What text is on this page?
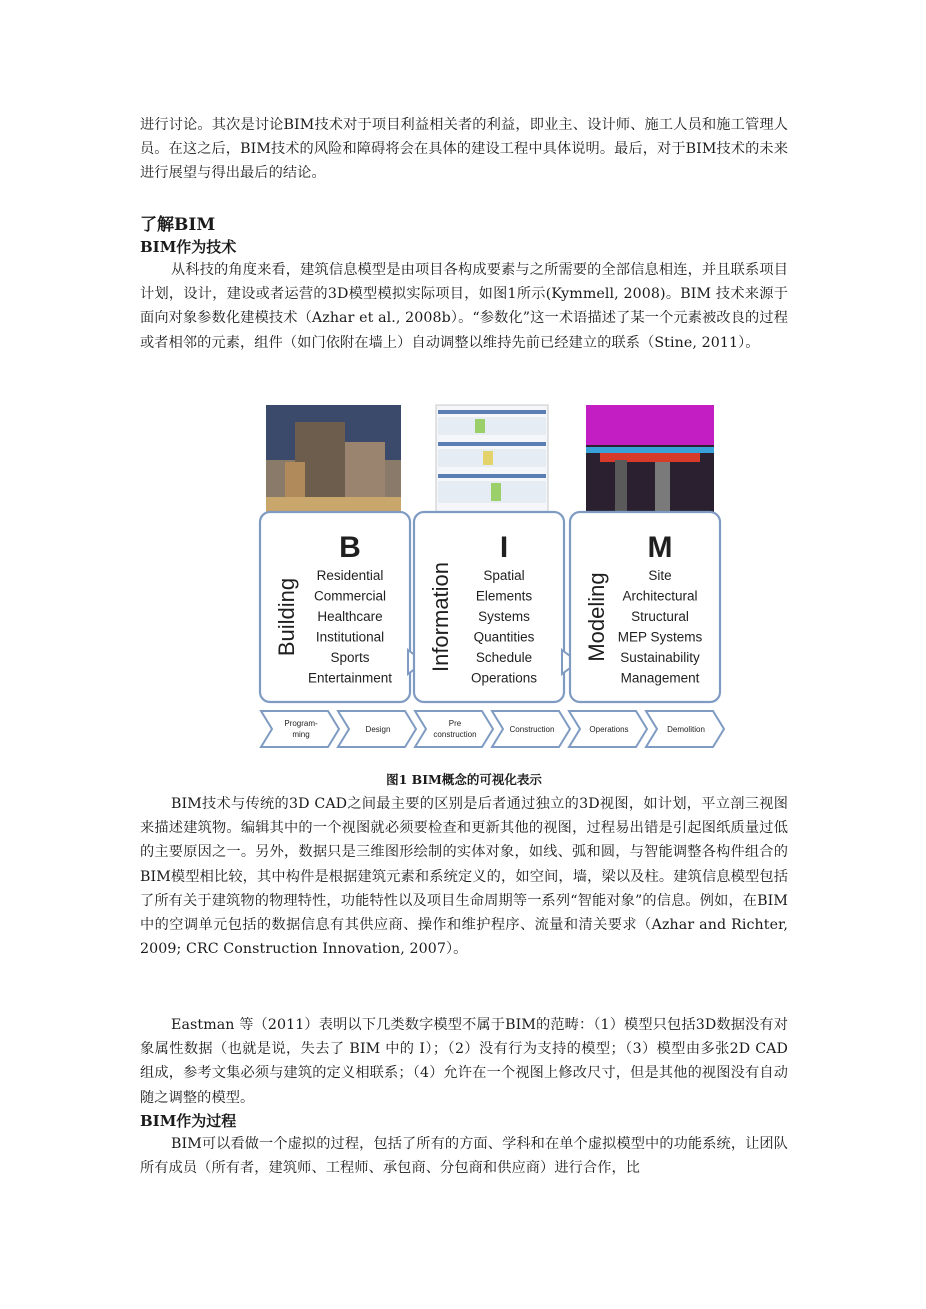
进行讨论。其次是讨论BIM技术对于项目利益相关者的利益，即业主、设计师、施工人员和施工管理人员。在这之后，BIM技术的风险和障碍将会在具体的建设工程中具体说明。最后，对于BIM技术的未来进行展望与得出最后的结论。

了解BIM
BIM作为技术

从科技的角度来看，建筑信息模型是由项目各构成要素与之所需要的全部信息相连，并且联系项目计划，设计，建设或者运营的3D模型模拟实际项目，如图1所示(Kymmell, 2008)。BIM 技术来源于面向对象参数化建模技术（Azhar et al., 2008b）。“参数化”这一术语描述了某一个元素被改良的过程或者相邻的元素，组件（如门依附在墙上）自动调整以维持先前已经建立的联系（Stine, 2011）。

Building
B
Residential
Commercial
Healthcare
Institutional
Sports
Entertainment
Information
I
Spatial
Elements
Systems
Quantities
Schedule
Operations
Modeling
M
Site
Architectural
Structural
MEP Systems
Sustainability
Management
Program-
ming
Design
Pre
construction
Construction	Operations	Demolition

图1 BIM概念的可视化表示

BIM技术与传统的3D CAD之间最主要的区别是后者通过独立的3D视图，如计划，平立剖三视图来描述建筑物。编辑其中的一个视图就必须要检查和更新其他的视图，过程易出错是引起图纸质量过低的主要原因之一。另外，数据只是三维图形绘制的实体对象，如线、弧和圆，与智能调整各构件组合的BIM模型相比较，其中构件是根据建筑元素和系统定义的，如空间，墙，梁以及柱。建筑信息模型包括了所有关于建筑物的物理特性，功能特性以及项目生命周期等一系列“智能对象”的信息。例如，在BIM中的空调单元包括的数据信息有其供应商、操作和维护程序、流量和清关要求（Azhar and Richter, 2009; CRC Construction Innovation, 2007）。

Eastman 等（2011）表明以下几类数字模型不属于BIM的范畴：（1）模型只包括3D数据没有对象属性数据（也就是说，失去了 BIM 中的 I）；（2）没有行为支持的模型；（3）模型由多张2D CAD组成，参考文集必须与建筑的定义相联系；（4）允许在一个视图上修改尺寸，但是其他的视图没有自动随之调整的模型。

BIM作为过程

BIM可以看做一个虚拟的过程，包括了所有的方面、学科和在单个虚拟模型中的功能系统，让团队所有成员（所有者，建筑师、工程师、承包商、分包商和供应商）进行合作，比
